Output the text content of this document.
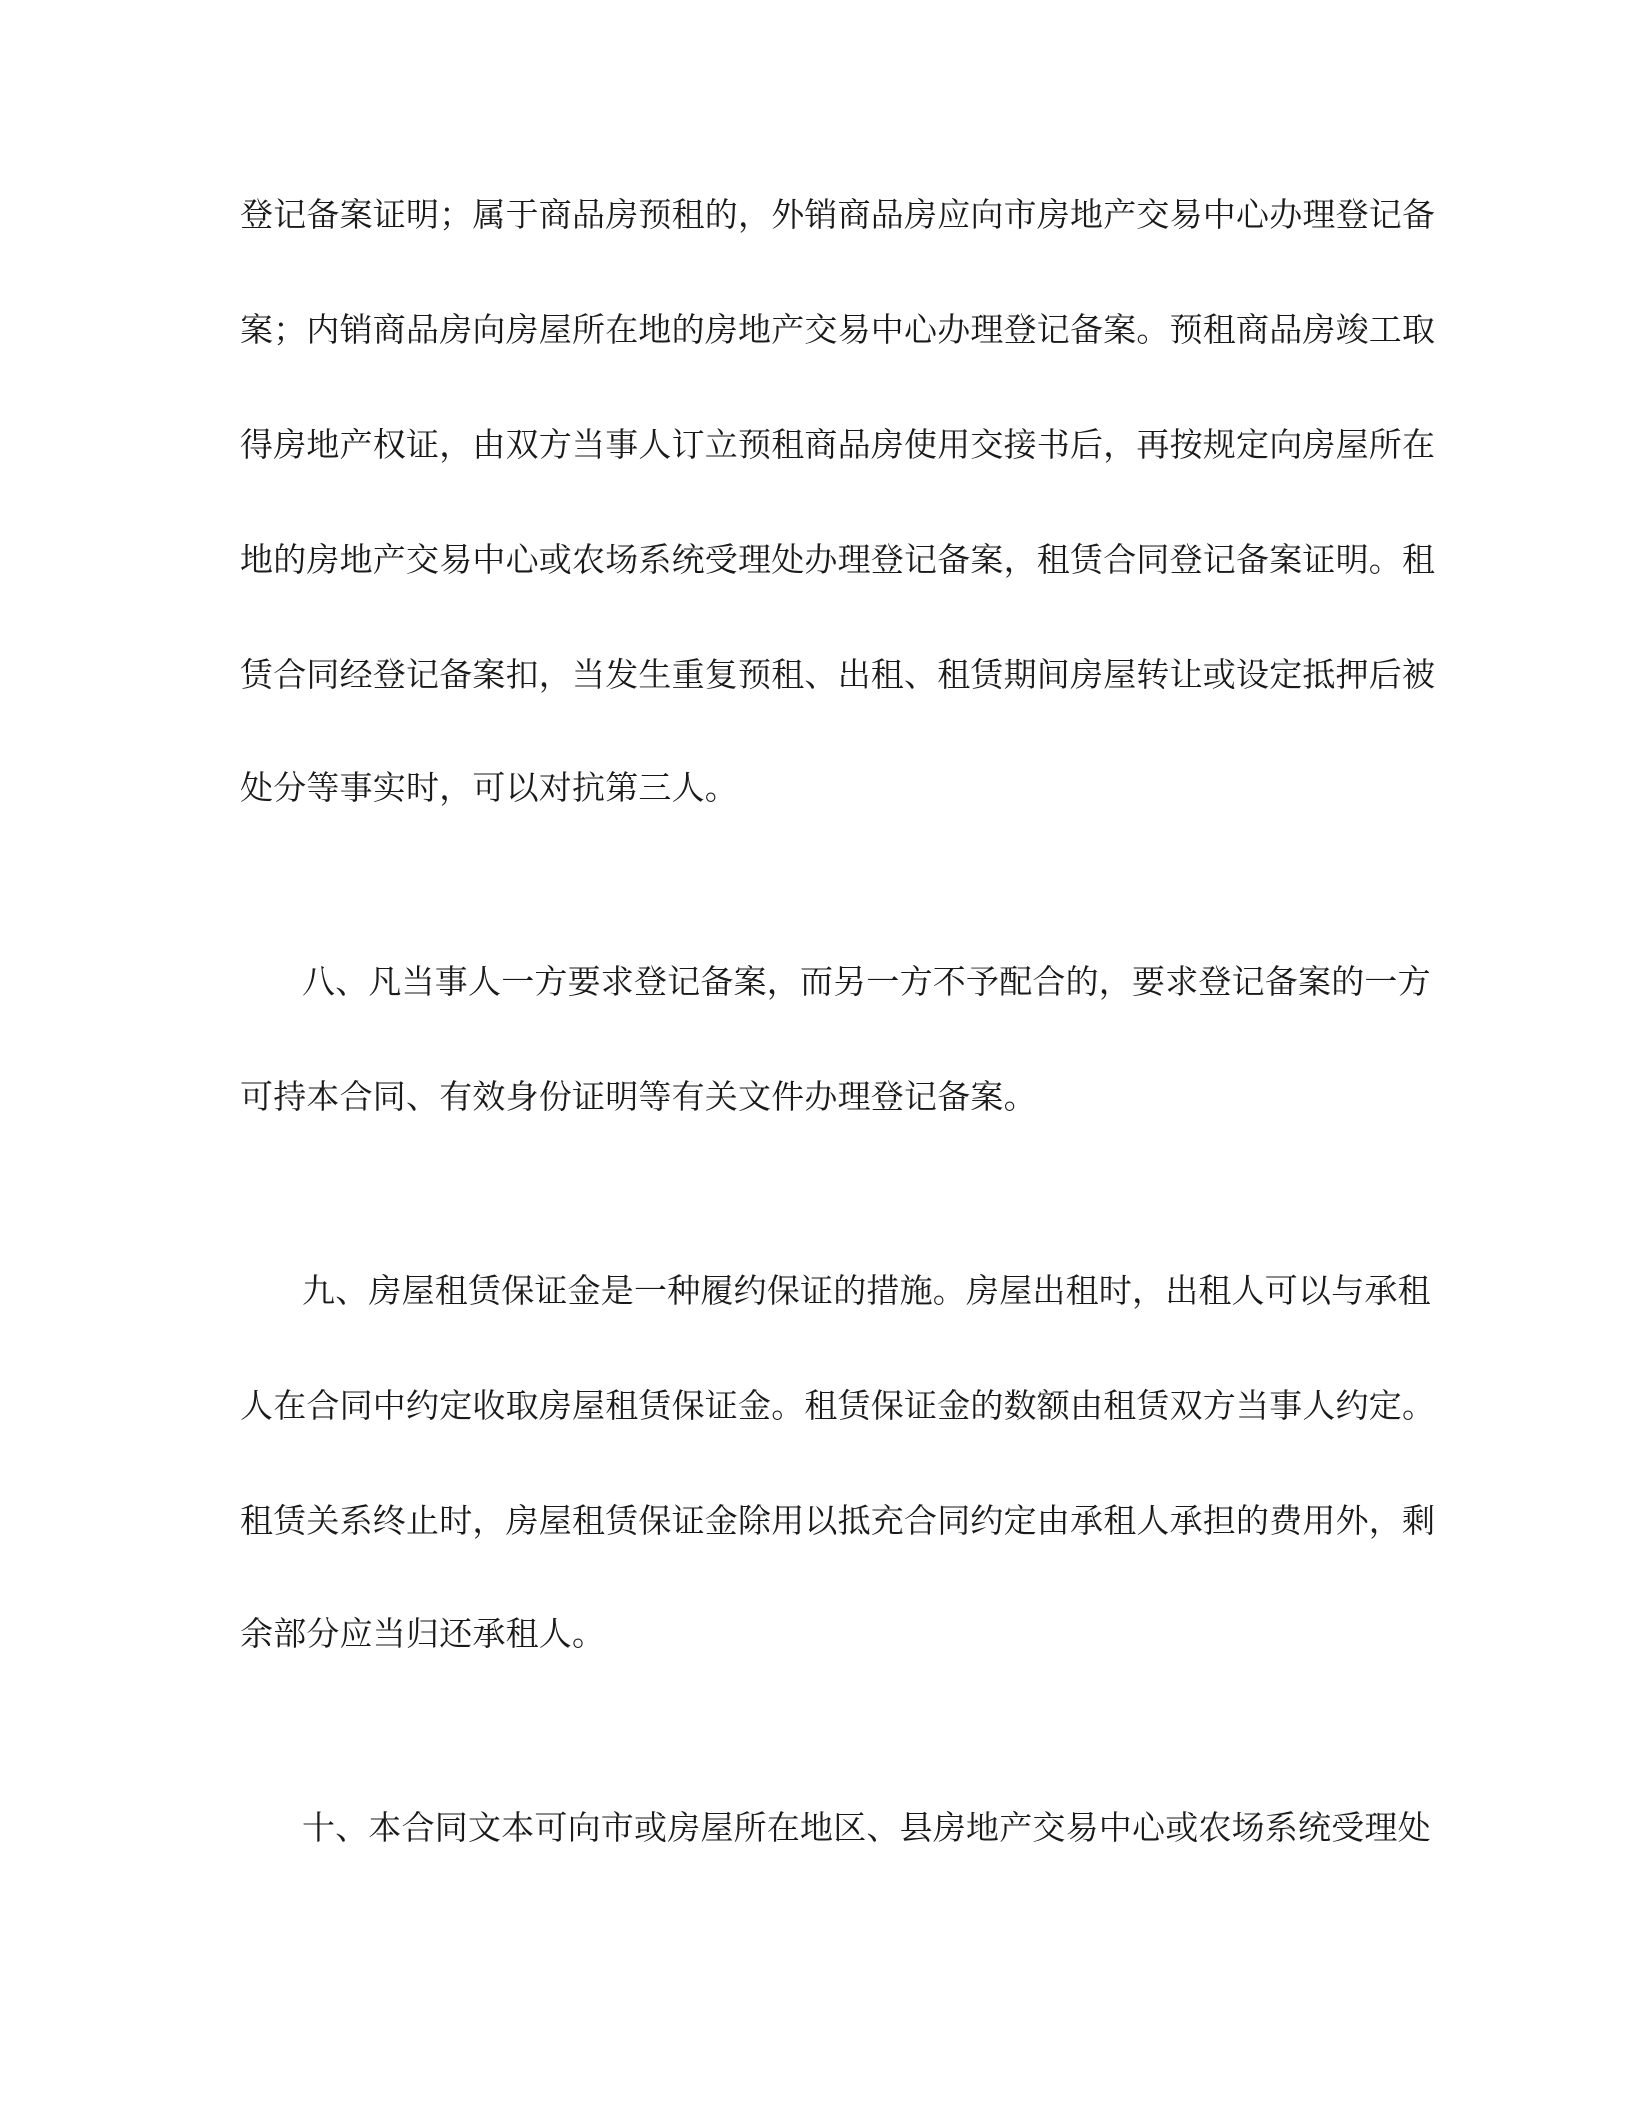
登记备案证明；属于商品房预租的，外销商品房应向市房地产交易中心办理登记备
案；内销商品房向房屋所在地的房地产交易中心办理登记备案。预租商品房竣工取
得房地产权证，由双方当事人订立预租商品房使用交接书后，再按规定向房屋所在
地的房地产交易中心或农场系统受理处办理登记备案，租赁合同登记备案证明。租
赁合同经登记备案扣，当发生重复预租、出租、租赁期间房屋转让或设定抵押后被
处分等事实时，可以对抗第三人。
八、凡当事人一方要求登记备案，而另一方不予配合的，要求登记备案的一方
可持本合同、有效身份证明等有关文件办理登记备案。
九、房屋租赁保证金是一种履约保证的措施。房屋出租时，出租人可以与承租
人在合同中约定收取房屋租赁保证金。租赁保证金的数额由租赁双方当事人约定。
租赁关系终止时，房屋租赁保证金除用以抵充合同约定由承租人承担的费用外，剩
余部分应当归还承租人。
十、本合同文本可向市或房屋所在地区、县房地产交易中心或农场系统受理处
